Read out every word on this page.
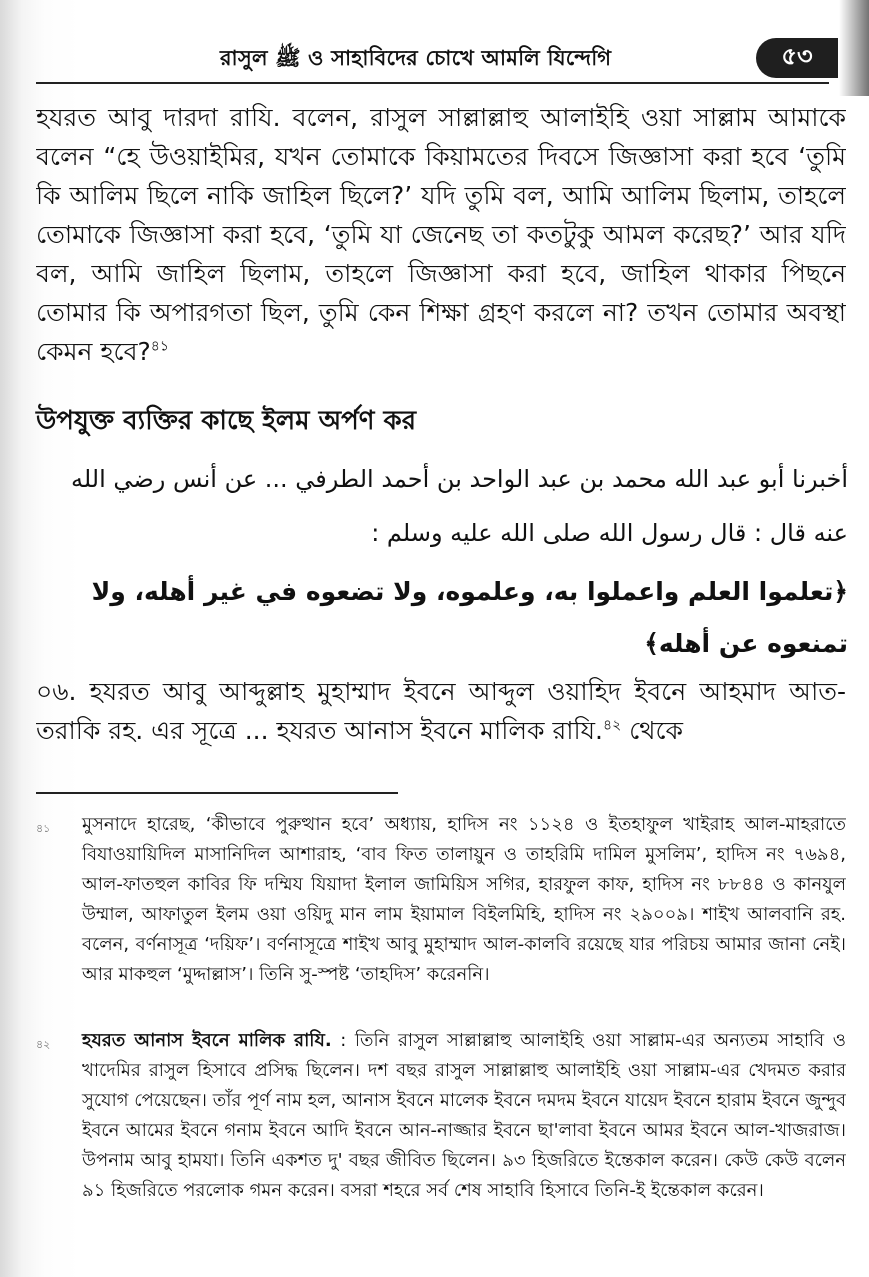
রাসুল ﷺ ও সাহাবিদের চোখে আমলি যিন্দেগি	৫৩
হযরত আবু দারদা রাযি. বলেন, রাসুল সাল্লাল্লাহু আলাইহি ওয়া সাল্লাম আমাকে বলেন “হে উওয়াইমির, যখন তোমাকে কিয়ামতের দিবসে জিজ্ঞাসা করা হবে ‘তুমি কি আলিম ছিলে নাকি জাহিল ছিলে?’ যদি তুমি বল, আমি আলিম ছিলাম, তাহলে তোমাকে জিজ্ঞাসা করা হবে, ‘তুমি যা জেনেছ তা কতটুকু আমল করেছ?’ আর যদি বল, আমি জাহিল ছিলাম, তাহলে জিজ্ঞাসা করা হবে, জাহিল থাকার পিছনে তোমার কি অপারগতা ছিল, তুমি কেন শিক্ষা গ্রহণ করলে না? তখন তোমার অবস্থা কেমন হবে?$^{৪১}$
উপযুক্ত ব্যক্তির কাছে ইলম অর্পণ কর
أخبرنا أبو عبد الله محمد بن عبد الواحد بن أحمد الطرفي ... عن أنس رضي الله عنه قال : قال رسول الله صلى الله عليه وسلم :
﴿تعلموا العلم واعملوا به، وعلموه، ولا تضعوه في غير أهله، ولا تمنعوه عن أهله﴾
০৬. হযরত আবু আব্দুল্লাহ মুহাম্মাদ ইবনে আব্দুল ওয়াহিদ ইবনে আহমাদ আত-তরাকি রহ. এর সূত্রে ... হযরত আনাস ইবনে মালিক রাযি.$^{৪২}$ থেকে
৪১	মুসনাদে হারেছ, ‘কীভাবে পুরুত্থান হবে’ অধ্যায়, হাদিস নং ১১২৪ ও ইতহাফুল খাইরাহ আল-মাহরাতে বিযাওয়ায়িদিল মাসানিদিল আশারাহ, ‘বাব ফিত তালায়ুন ও তাহরিমি দামিল মুসলিম’, হাদিস নং ৭৬৯৪, আল-ফাতহুল কাবির ফি দম্মিয যিয়াদা ইলাল জামিয়িস সগির, হারফুল কাফ, হাদিস নং ৮৮৪৪ ও কানযুল উম্মাল, আফাতুল ইলম ওয়া ওয়িদু মান লাম ইয়ামাল বিইলমিহি, হাদিস নং ২৯০০৯। শাইখ আলবানি রহ. বলেন, বর্ণনাসূত্র ‘দয়িফ’। বর্ণনাসূত্রে শাইখ আবু মুহাম্মাদ আল-কালবি রয়েছে যার পরিচয় আমার জানা নেই। আর মাকহুল ‘মুদ্দাল্লাস’। তিনি সু-স্পষ্ট ‘তাহদিস’ করেননি।
৪২	হযরত আনাস ইবনে মালিক রাযি. : তিনি রাসুল সাল্লাল্লাহু আলাইহি ওয়া সাল্লাম-এর অন্যতম সাহাবি ও খাদেমির রাসুল হিসাবে প্রসিদ্ধ ছিলেন। দশ বছর রাসুল সাল্লাল্লাহু আলাইহি ওয়া সাল্লাম-এর খেদমত করার সুযোগ পেয়েছেন। তাঁর পূর্ণ নাম হল, আনাস ইবনে মালেক ইবনে দমদম ইবনে যায়েদ ইবনে হারাম ইবনে জুন্দুব ইবনে আমের ইবনে গনাম ইবনে আদি ইবনে আন-নাজ্জার ইবনে ছা'লাবা ইবনে আমর ইবনে আল-খাজরাজ। উপনাম আবু হামযা। তিনি একশত দু' বছর জীবিত ছিলেন। ৯৩ হিজরিতে ইন্তেকাল করেন। কেউ কেউ বলেন ৯১ হিজরিতে পরলোক গমন করেন। বসরা শহরে সর্ব শেষ সাহাবি হিসাবে তিনি-ই ইন্তেকাল করেন।
